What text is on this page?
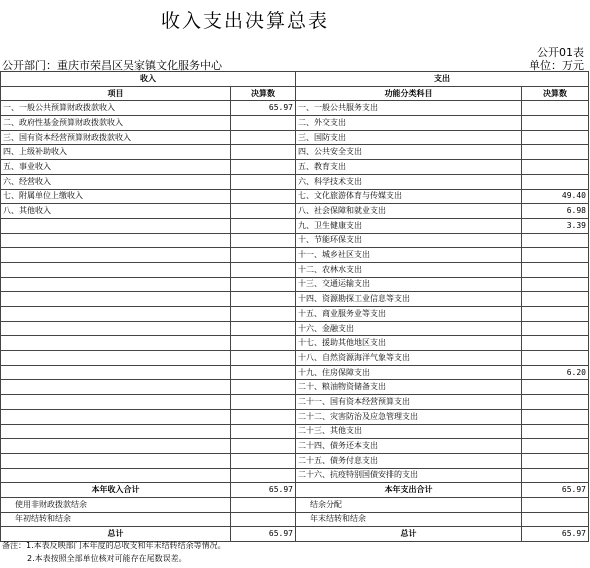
收入支出决算总表
公开01表
公开部门：重庆市荣昌区吴家镇文化服务中心	单位：万元
收入		支出	
项目	决算数	功能分类科目	决算数
一、一般公共预算财政拨款收入	65.97	一、一般公共服务支出	
二、政府性基金预算财政拨款收入		二、外交支出	
三、国有资本经营预算财政拨款收入		三、国防支出	
四、上级补助收入		四、公共安全支出	
五、事业收入		五、教育支出	
六、经营收入		六、科学技术支出	
七、附属单位上缴收入		七、文化旅游体育与传媒支出	49.40
八、其他收入		八、社会保障和就业支出	6.98
		九、卫生健康支出	3.39
		十、节能环保支出	
		十一、城乡社区支出	
		十二、农林水支出	
		十三、交通运输支出	
		十四、资源勘探工业信息等支出	
		十五、商业服务业等支出	
		十六、金融支出	
		十七、援助其他地区支出	
		十八、自然资源海洋气象等支出	
		十九、住房保障支出	6.20
		二十、粮油物资储备支出	
		二十一、国有资本经营预算支出	
		二十二、灾害防治及应急管理支出	
		二十三、其他支出	
		二十四、债务还本支出	
		二十五、债务付息支出	
		二十六、抗疫特别国债安排的支出	
本年收入合计	65.97	本年支出合计	65.97
使用非财政拨款结余		结余分配	
年初结转和结余		年末结转和结余	
总计	65.97	总计	65.97
备注：1.本表反映部门本年度的总收支和年末结转结余等情况。
2.本表按照全部单位核对可能存在尾数误差。
